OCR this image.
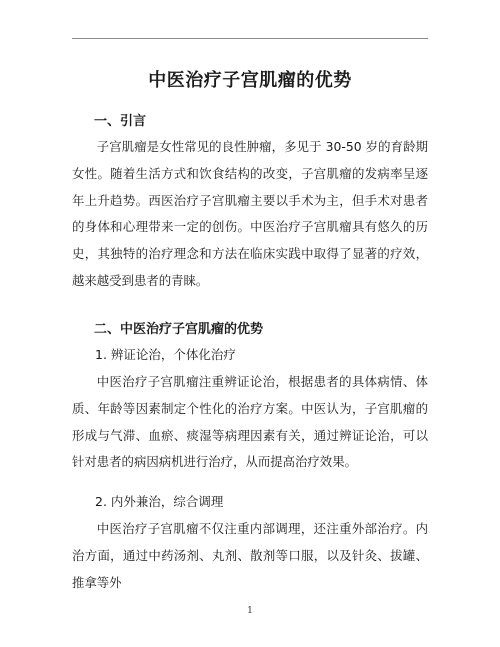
中医治疗子宫肌瘤的优势
一、引言

子宫肌瘤是女性常见的良性肿瘤，多见于 30-50 岁的育龄期女性。随着生活方式和饮食结构的改变，子宫肌瘤的发病率呈逐年上升趋势。西医治疗子宫肌瘤主要以手术为主，但手术对患者的身体和心理带来一定的创伤。中医治疗子宫肌瘤具有悠久的历史，其独特的治疗理念和方法在临床实践中取得了显著的疗效，越来越受到患者的青睐。

二、中医治疗子宫肌瘤的优势
1. 辨证论治，个体化治疗

中医治疗子宫肌瘤注重辨证论治，根据患者的具体病情、体质、年龄等因素制定个性化的治疗方案。中医认为，子宫肌瘤的形成与气滞、血瘀、痰湿等病理因素有关，通过辨证论治，可以针对患者的病因病机进行治疗，从而提高治疗效果。

2. 内外兼治，综合调理

中医治疗子宫肌瘤不仅注重内部调理，还注重外部治疗。内治方面，通过中药汤剂、丸剂、散剂等口服，以及针灸、拔罐、推拿等外

1
